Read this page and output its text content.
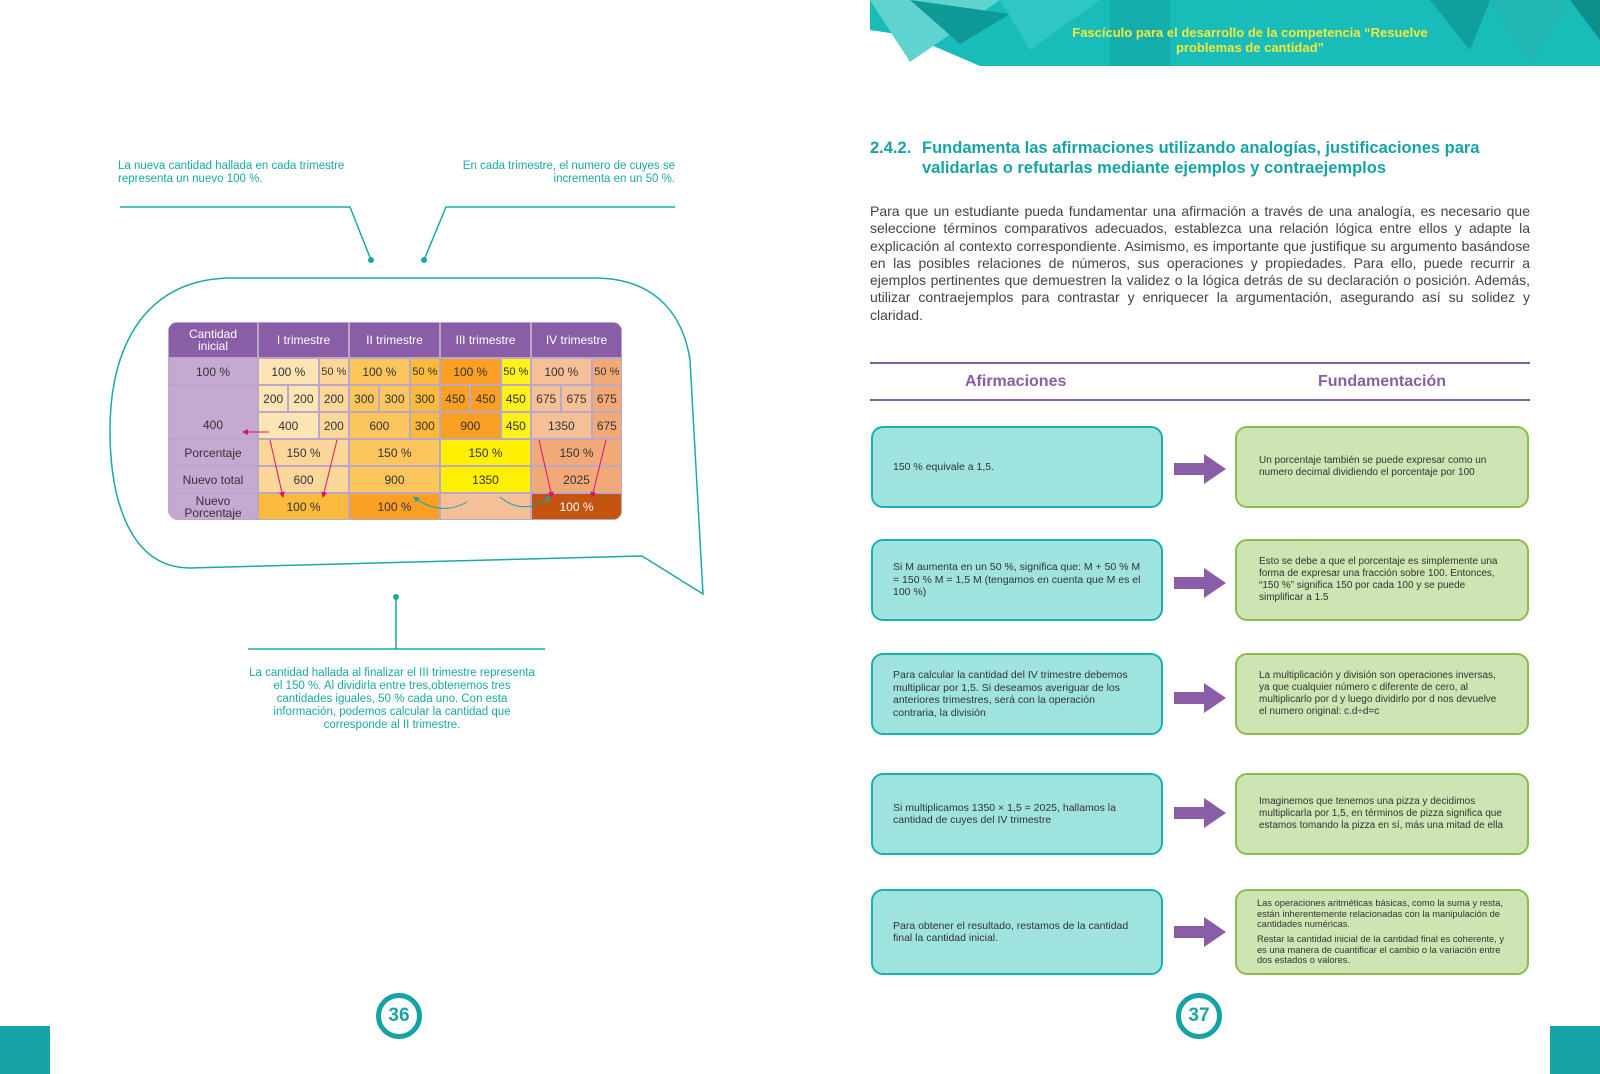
La nueva cantidad hallada en cada trimestre representa un nuevo 100 %.
En cada trimestre, el numero de cuyes se incrementa en un 50 %.
Cantidad inicial	I trimestre			II trimestre			III trimestre			IV trimestre		
100 %	100 %		50 %	100 %		50 %	100 %		50 %	100 %		50 %
400	200	200	200	300	300	300	450	450	450	675	675	675
	400		200	600		300	900		450	1350		675
Porcentaje	150 %			150 %			150 %			150 %		
Nuevo total	600			900			1350			2025		
Nuevo Porcentaje	100 %			100 %						100 %		
La cantidad hallada al finalizar el III trimestre representa el 150 %. Al dividirla entre tres,obtenemos tres cantidades iguales, 50 % cada uno. Con esta información, podemos calcular la cantidad que corresponde al II trimestre.
36
Fascículo para el desarrollo de la competencia “Resuelve
problemas de cantidad”
2.4.2. Fundamenta las afirmaciones utilizando analogías, justificaciones para validarlas o refutarlas mediante ejemplos y contraejemplos
Para que un estudiante pueda fundamentar una afirmación a través de una analogía, es necesario que seleccione términos comparativos adecuados, establezca una relación lógica entre ellos y adapte la explicación al contexto correspondiente. Asimismo, es importante que justifique su argumento basándose en las posibles relaciones de números, sus operaciones y propiedades. Para ello, puede recurrir a ejemplos pertinentes que demuestren la validez o la lógica detrás de su declaración o posición. Además, utilizar contraejemplos para contrastar y enriquecer la argumentación, asegurando así su solidez y claridad.
Afirmaciones	Fundamentación
150 % equivale a 1,5.
Un porcentaje también se puede expresar como un numero decimal dividiendo el porcentaje por 100
Si M aumenta en un 50 %, significa que: M + 50 % M = 150 % M = 1,5 M (tengamos en cuenta que M es el 100 %)
Esto se debe a que el porcentaje es simplemente una forma de expresar una fracción sobre 100. Entonces, “150 %” significa 150 por cada 100 y se puede simplificar a 1.5
Para calcular la cantidad del IV trimestre debemos multiplicar por 1,5. Si deseamos averiguar de los anteriores trimestres, será con la operación contraria, la división
La multiplicación y división son operaciones inversas, ya que cualquier número c diferente de cero, al multiplicarlo por d y luego dividirlo por d nos devuelve el numero original: c.d÷d=c
Si multiplicamos 1350 × 1,5 = 2025, hallamos la cantidad de cuyes del IV trimestre
Imaginemos que tenemos una pizza y decidimos multiplicarla por 1,5, en términos de pizza significa que estamos tomando la pizza en sí, más una mitad de ella
Para obtener el resultado, restamos de la cantidad final la cantidad inicial.
Las operaciones aritméticas básicas, como la suma y resta, están inherentemente relacionadas con la manipulación de cantidades numéricas.
Restar la cantidad inicial de la cantidad final es coherente, y es una manera de cuantificar el cambio o la variación entre dos estados o valores.
37
